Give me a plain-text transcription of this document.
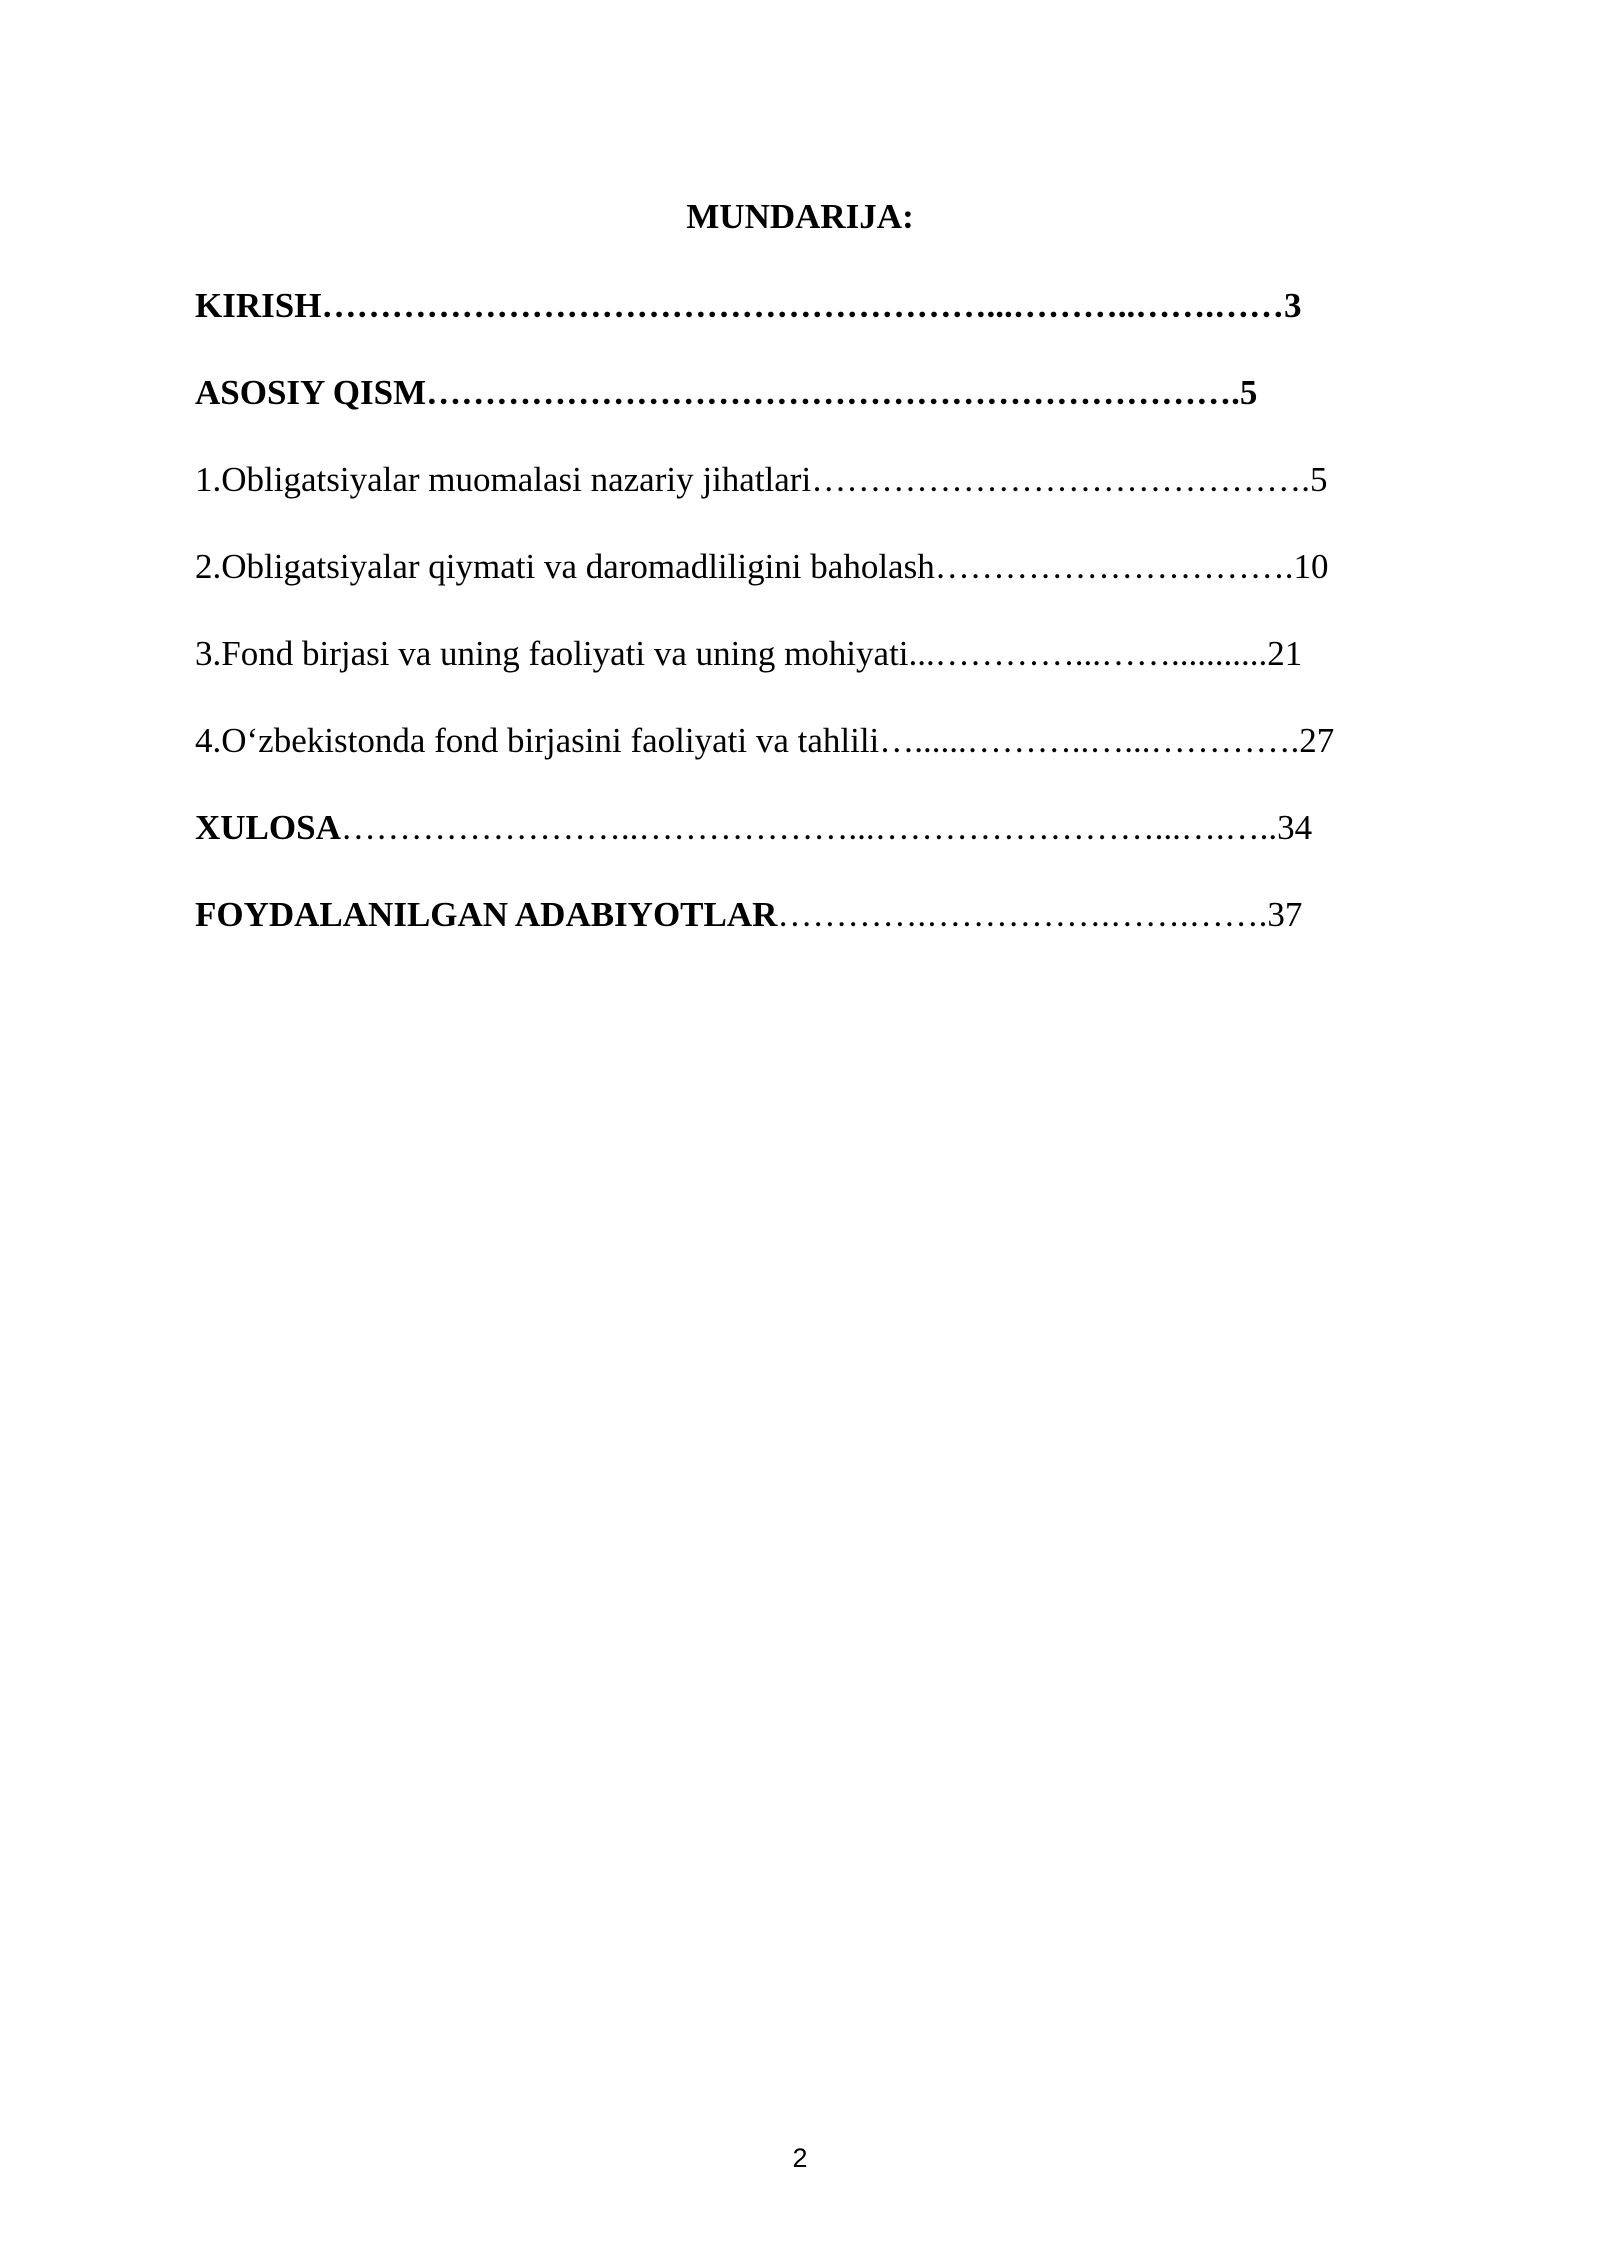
MUNDARIJA:
KIRISH…………………………………………………...………..…….……3
ASOSIY QISM…………………………………………………………….5
1.Obligatsiyalar muomalasi nazariy jihatlari…………………………………….5
2.Obligatsiyalar qiymati va daromadliligini baholash………………………….10
3.Fond birjasi va uning faoliyati va uning mohiyati...…………...……...........21
4.O‘zbekistonda fond birjasini faoliyati va tahlili…......………..…...………….27
XULOSA……………………..………………...……………………...….…..34
FOYDALANILGAN ADABIYOTLAR………….…………….…….…….37
2
